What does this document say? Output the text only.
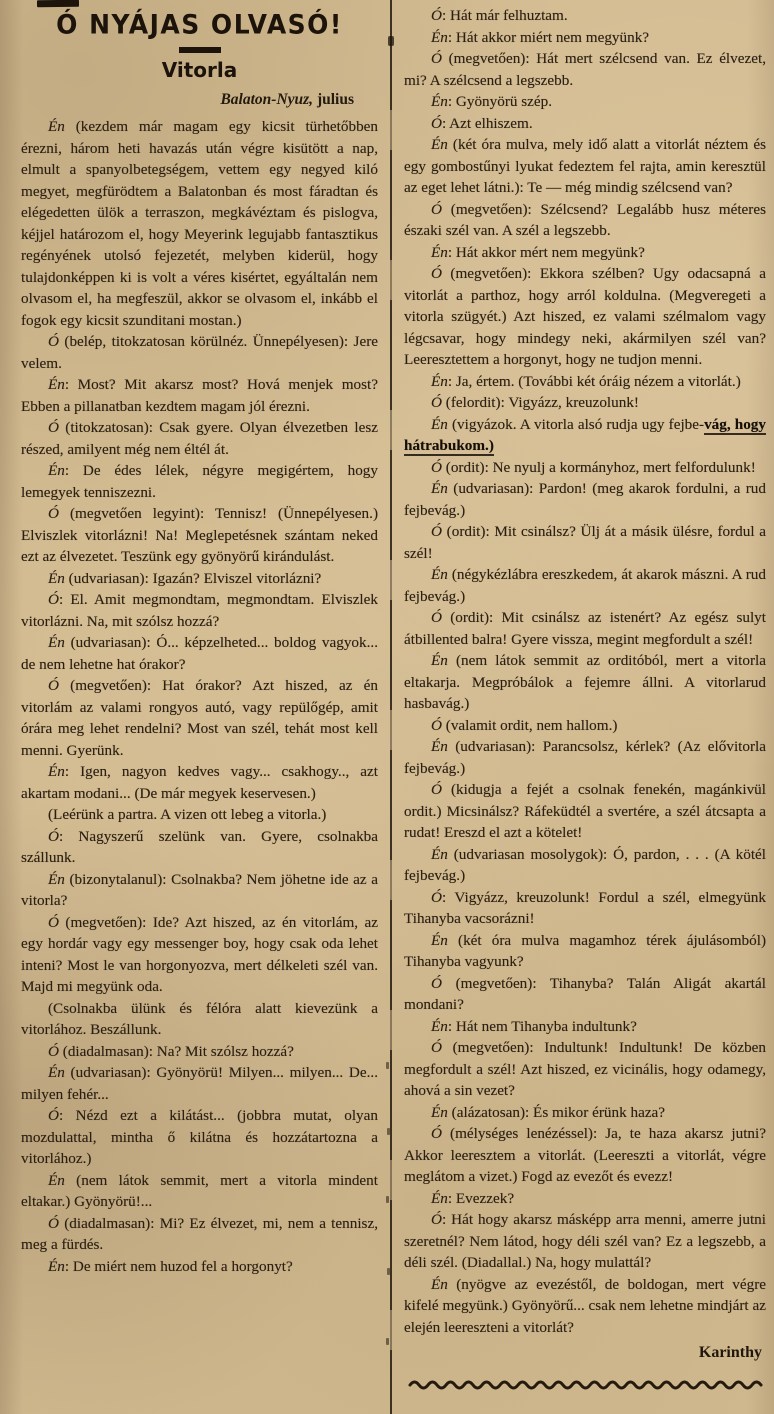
Ó NYÁJAS OLVASÓ!
Vitorla

Balaton-Nyuz, julius

Én (kezdem már magam egy kicsit türhetőbben érezni, három heti havazás után végre kisütött a nap, elmult a spanyolbetegségem, vettem egy negyed kiló megyet, megfürödtem a Balatonban és most fáradtan és elégedetten ülök a terraszon, megkávéztam és pislogva, kéjjel határozom el, hogy Meyerink legujabb fantasztikus regényének utolsó fejezetét, melyben kiderül, hogy tulajdonképpen ki is volt a véres kisértet, egyáltalán nem olvasom el, ha megfeszül, akkor se olvasom el, inkább el fogok egy kicsit szunditani mostan.)

Ó (belép, titokzatosan körülnéz. Ünnepélyesen): Jere velem.

Én: Most? Mit akarsz most? Hová menjek most? Ebben a pillanatban kezdtem magam jól érezni.

Ó (titokzatosan): Csak gyere. Olyan élvezetben lesz részed, amilyent még nem éltél át.

Én: De édes lélek, négyre megigértem, hogy lemegyek tenniszezni.

Ó (megvetően legyint): Tennisz! (Ünnepélyesen.) Elviszlek vitorlázni! Na! Meglepetésnek szántam neked ezt az élvezetet. Teszünk egy gyönyörű kirándulást.

Én (udvariasan): Igazán? Elviszel vitorlázni?

Ó: El. Amit megmondtam, megmondtam. Elviszlek vitorlázni. Na, mit szólsz hozzá?

Én (udvariasan): Ó... képzelheted... boldog vagyok... de nem lehetne hat órakor?

Ó (megvetően): Hat órakor? Azt hiszed, az én vitorlám az valami rongyos autó, vagy repülőgép, amit órára meg lehet rendelni? Most van szél, tehát most kell menni. Gyerünk.

Én: Igen, nagyon kedves vagy... csakhogy.., azt akartam modani... (De már megyek keservesen.)

(Leérünk a partra. A vizen ott lebeg a vitorla.)

Ó: Nagyszerű szelünk van. Gyere, csolnakba szállunk.

Én (bizonytalanul): Csolnakba? Nem jöhetne ide az a vitorla?

Ó (megvetően): Ide? Azt hiszed, az én vitorlám, az egy hordár vagy egy messenger boy, hogy csak oda lehet inteni? Most le van horgonyozva, mert délkeleti szél van. Majd mi megyünk oda.

(Csolnakba ülünk és félóra alatt kievezünk a vitorlához. Beszállunk.

Ó (diadalmasan): Na? Mit szólsz hozzá?

Én (udvariasan): Gyönyörü! Milyen... milyen... De... milyen fehér...

Ó: Nézd ezt a kilátást... (jobbra mutat, olyan mozdulattal, mintha ő kilátna és hozzátartozna a vitorlához.)

Én (nem látok semmit, mert a vitorla mindent eltakar.) Gyönyörü!...

Ó (diadalmasan): Mi? Ez élvezet, mi, nem a tennisz, meg a fürdés.

Én: De miért nem huzod fel a horgonyt?

Ó: Hát már felhuztam.

Én: Hát akkor miért nem megyünk?

Ó (megvetően): Hát mert szélcsend van. Ez élvezet, mi? A szélcsend a legszebb.

Én: Gyönyörü szép.

Ó: Azt elhiszem.

Én (két óra mulva, mely idő alatt a vitorlát néztem és egy gombostűnyi lyukat fedeztem fel rajta, amin keresztül az eget lehet látni.): Te — még mindig szélcsend van?

Ó (megvetően): Szélcsend? Legalább husz méteres északi szél van. A szél a legszebb.

Én: Hát akkor mért nem megyünk?

Ó (megvetően): Ekkora szélben? Ugy odacsapná a vitorlát a parthoz, hogy arról koldulna. (Megveregeti a vitorla szügyét.) Azt hiszed, ez valami szélmalom vagy légcsavar, hogy mindegy neki, akármilyen szél van? Leeresztettem a horgonyt, hogy ne tudjon menni.

Én: Ja, értem. (További két óráig nézem a vitorlát.)

Ó (felordit): Vigyázz, kreuzolunk!

Én (vigyázok. A vitorla alsó rudja ugy fejbe-vág, hogy hátrabukom.)

Ó (ordit): Ne nyulj a kormányhoz, mert felfordulunk!

Én (udvariasan): Pardon! (meg akarok fordulni, a rud fejbevág.)

Ó (ordit): Mit csinálsz? Ülj át a másik ülésre, fordul a szél!

Én (négykézlábra ereszkedem, át akarok mászni. A rud fejbevág.)

Ó (ordit): Mit csinálsz az istenért? Az egész sulyt átbillented balra! Gyere vissza, megint megfordult a szél!

Én (nem látok semmit az orditóból, mert a vitorla eltakarja. Megpróbálok a fejemre állni. A vitorlarud hasbavág.)

Ó (valamit ordit, nem hallom.)

Én (udvariasan): Parancsolsz, kérlek? (Az elővitorla fejbevág.)

Ó (kidugja a fejét a csolnak fenekén, magánkivül ordit.) Micsinálsz? Ráfeküdtél a svertére, a szél átcsapta a rudat! Ereszd el azt a kötelet!

Én (udvariasan mosolygok): Ó, pardon, . . . (A kötél fejbevág.)

Ó: Vigyázz, kreuzolunk! Fordul a szél, elmegyünk Tihanyba vacsorázni!

Én (két óra mulva magamhoz térek ájulásomból) Tihanyba vagyunk?

Ó (megvetően): Tihanyba? Talán Aligát akartál mondani?

Én: Hát nem Tihanyba indultunk?

Ó (megvetően): Indultunk! Indultunk! De közben megfordult a szél! Azt hiszed, ez vicinális, hogy odamegy, ahová a sin vezet?

Én (alázatosan): És mikor érünk haza?

Ó (mélységes lenézéssel): Ja, te haza akarsz jutni? Akkor leeresztem a vitorlát. (Leereszti a vitorlát, végre meglátom a vizet.) Fogd az evezőt és evezz!

Én: Evezzek?

Ó: Hát hogy akarsz másképp arra menni, amerre jutni szeretnél? Nem látod, hogy déli szél van? Ez a legszebb, a déli szél. (Diadallal.) Na, hogy mulattál?

Én (nyögve az evezéstől, de boldogan, mert végre kifelé megyünk.) Gyönyörű... csak nem lehetne mindjárt az elején leereszteni a vitorlát?

Karinthy
